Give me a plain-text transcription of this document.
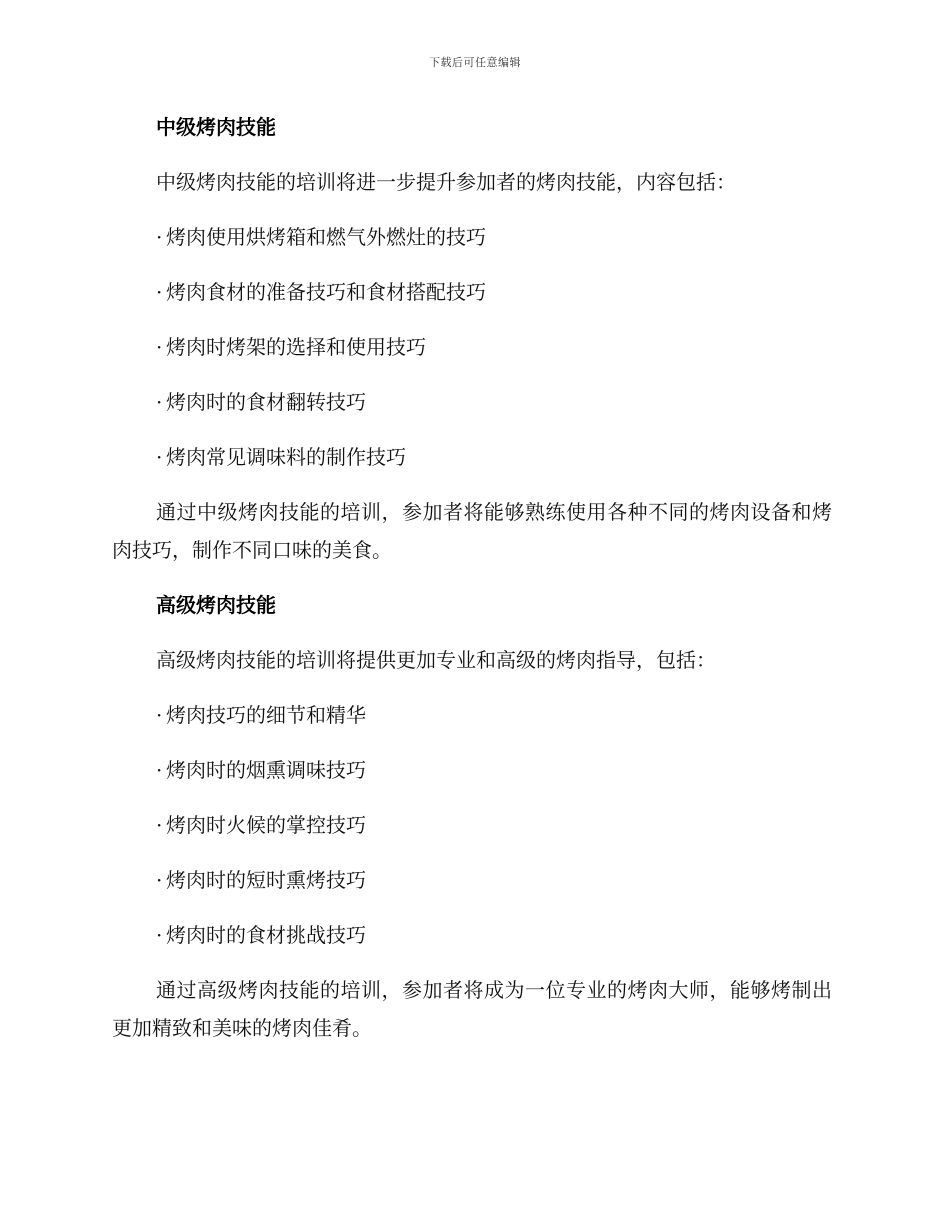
下载后可任意编辑
中级烤肉技能

中级烤肉技能的培训将进一步提升参加者的烤肉技能，内容包括：

· 烤肉使用烘烤箱和燃气外燃灶的技巧

· 烤肉食材的准备技巧和食材搭配技巧

· 烤肉时烤架的选择和使用技巧

· 烤肉时的食材翻转技巧

· 烤肉常见调味料的制作技巧

通过中级烤肉技能的培训，参加者将能够熟练使用各种不同的烤肉设备和烤肉技巧，制作不同口味的美食。

高级烤肉技能

高级烤肉技能的培训将提供更加专业和高级的烤肉指导，包括：

· 烤肉技巧的细节和精华

· 烤肉时的烟熏调味技巧

· 烤肉时火候的掌控技巧

· 烤肉时的短时熏烤技巧

· 烤肉时的食材挑战技巧

通过高级烤肉技能的培训，参加者将成为一位专业的烤肉大师，能够烤制出更加精致和美味的烤肉佳肴。
